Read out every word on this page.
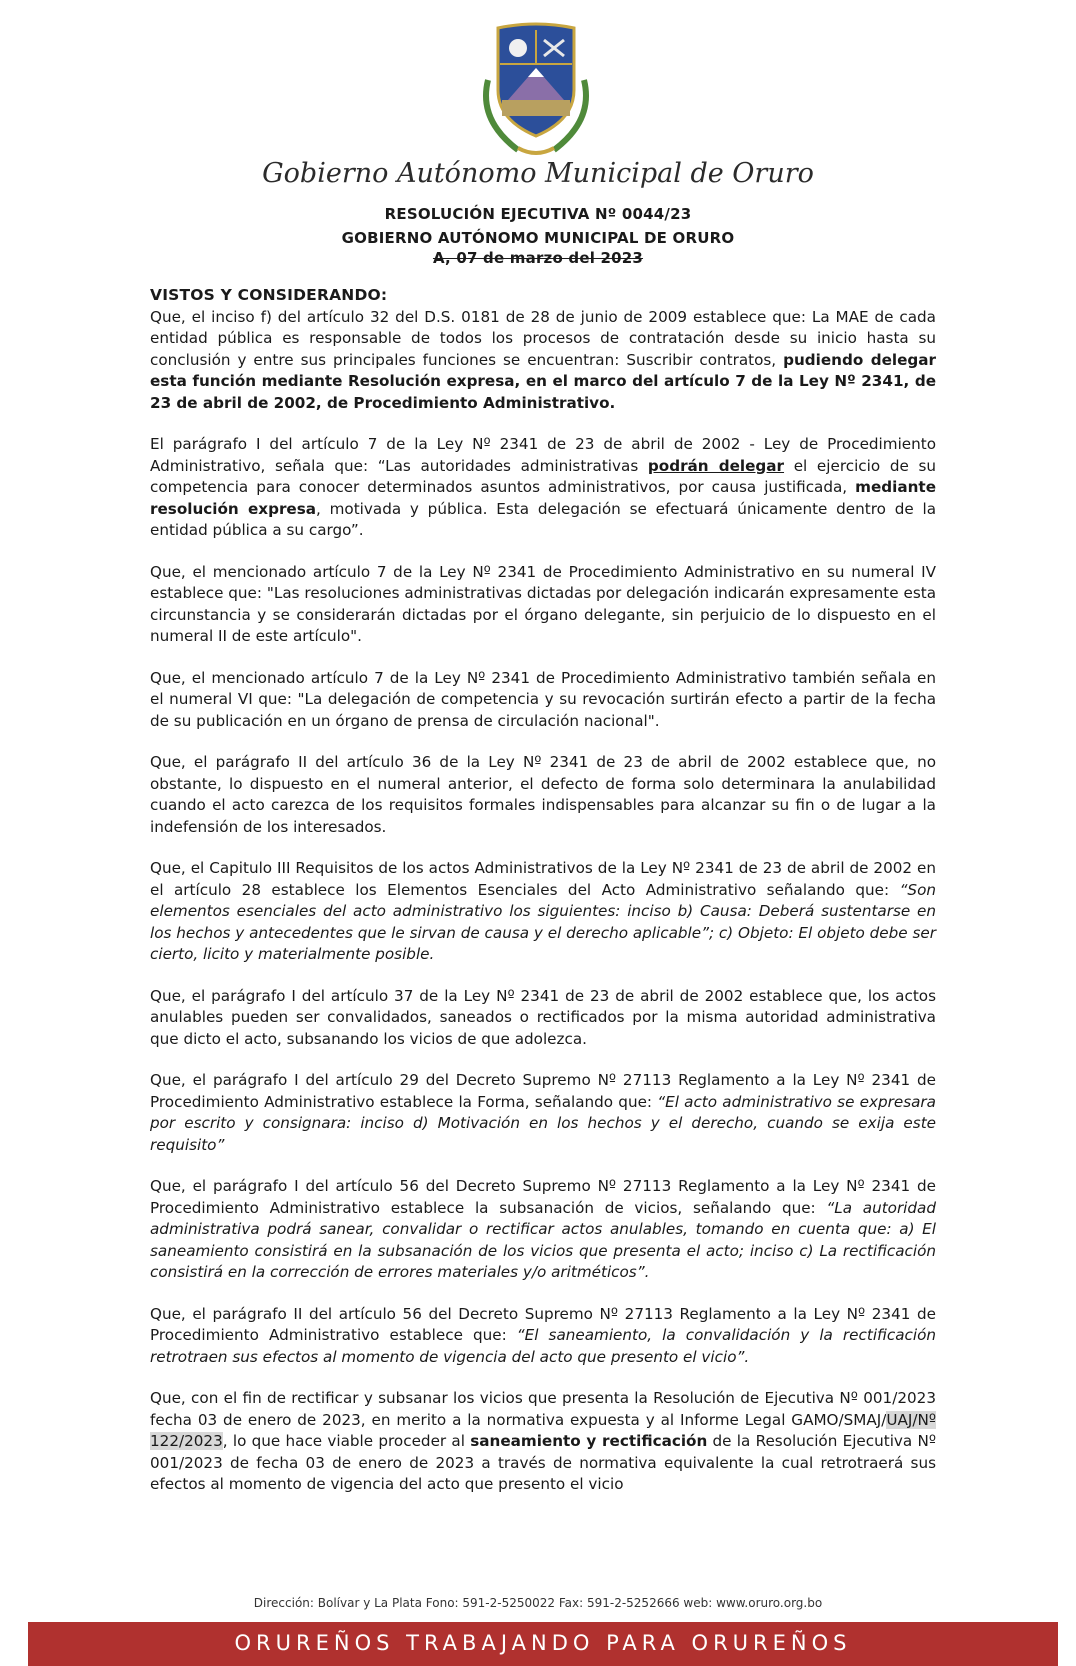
Gobierno Autónomo Municipal de Oruro
RESOLUCIÓN EJECUTIVA Nº 0044/23
GOBIERNO AUTÓNOMO MUNICIPAL DE ORURO
A, 07 de marzo del 2023
VISTOS Y CONSIDERANDO:

Que, el inciso f) del artículo 32 del D.S. 0181 de 28 de junio de 2009 establece que: La MAE de cada entidad pública es responsable de todos los procesos de contratación desde su inicio hasta su conclusión y entre sus principales funciones se encuentran: Suscribir contratos, pudiendo delegar esta función mediante Resolución expresa, en el marco del artículo 7 de la Ley Nº 2341, de 23 de abril de 2002, de Procedimiento Administrativo.

El parágrafo I del artículo 7 de la Ley Nº 2341 de 23 de abril de 2002 - Ley de Procedimiento Administrativo, señala que: “Las autoridades administrativas podrán delegar el ejercicio de su competencia para conocer determinados asuntos administrativos, por causa justificada, mediante resolución expresa, motivada y pública. Esta delegación se efectuará únicamente dentro de la entidad pública a su cargo”.

Que, el mencionado artículo 7 de la Ley Nº 2341 de Procedimiento Administrativo en su numeral IV establece que: "Las resoluciones administrativas dictadas por delegación indicarán expresamente esta circunstancia y se considerarán dictadas por el órgano delegante, sin perjuicio de lo dispuesto en el numeral II de este artículo".

Que, el mencionado artículo 7 de la Ley Nº 2341 de Procedimiento Administrativo también señala en el numeral VI que: "La delegación de competencia y su revocación surtirán efecto a partir de la fecha de su publicación en un órgano de prensa de circulación nacional".

Que, el parágrafo II del artículo 36 de la Ley Nº 2341 de 23 de abril de 2002 establece que, no obstante, lo dispuesto en el numeral anterior, el defecto de forma solo determinara la anulabilidad cuando el acto carezca de los requisitos formales indispensables para alcanzar su fin o de lugar a la indefensión de los interesados.

Que, el Capitulo III Requisitos de los actos Administrativos de la Ley Nº 2341 de 23 de abril de 2002 en el artículo 28 establece los Elementos Esenciales del Acto Administrativo señalando que: “Son elementos esenciales del acto administrativo los siguientes: inciso b) Causa: Deberá sustentarse en los hechos y antecedentes que le sirvan de causa y el derecho aplicable”; c) Objeto: El objeto debe ser cierto, licito y materialmente posible.

Que, el parágrafo I del artículo 37 de la Ley Nº 2341 de 23 de abril de 2002 establece que, los actos anulables pueden ser convalidados, saneados o rectificados por la misma autoridad administrativa que dicto el acto, subsanando los vicios de que adolezca.

Que, el parágrafo I del artículo 29 del Decreto Supremo Nº 27113 Reglamento a la Ley Nº 2341 de Procedimiento Administrativo establece la Forma, señalando que: “El acto administrativo se expresara por escrito y consignara: inciso d) Motivación en los hechos y el derecho, cuando se exija este requisito”

Que, el parágrafo I del artículo 56 del Decreto Supremo Nº 27113 Reglamento a la Ley Nº 2341 de Procedimiento Administrativo establece la subsanación de vicios, señalando que: “La autoridad administrativa podrá sanear, convalidar o rectificar actos anulables, tomando en cuenta que: a) El saneamiento consistirá en la subsanación de los vicios que presenta el acto; inciso c) La rectificación consistirá en la corrección de errores materiales y/o aritméticos”.

Que, el parágrafo II del artículo 56 del Decreto Supremo Nº 27113 Reglamento a la Ley Nº 2341 de Procedimiento Administrativo establece que: “El saneamiento, la convalidación y la rectificación retrotraen sus efectos al momento de vigencia del acto que presento el vicio”.

Que, con el fin de rectificar y subsanar los vicios que presenta la Resolución de Ejecutiva Nº 001/2023 fecha 03 de enero de 2023, en merito a la normativa expuesta y al Informe Legal GAMO/SMAJ/UAJ/Nº 122/2023, lo que hace viable proceder al saneamiento y rectificación de la Resolución Ejecutiva Nº 001/2023 de fecha 03 de enero de 2023 a través de normativa equivalente la cual retrotraerá sus efectos al momento de vigencia del acto que presento el vicio

Dirección: Bolívar y La Plata Fono: 591-2-5250022 Fax: 591-2-5252666 web: www.oruro.org.bo
ORUREÑOS TRABAJANDO PARA ORUREÑOS
